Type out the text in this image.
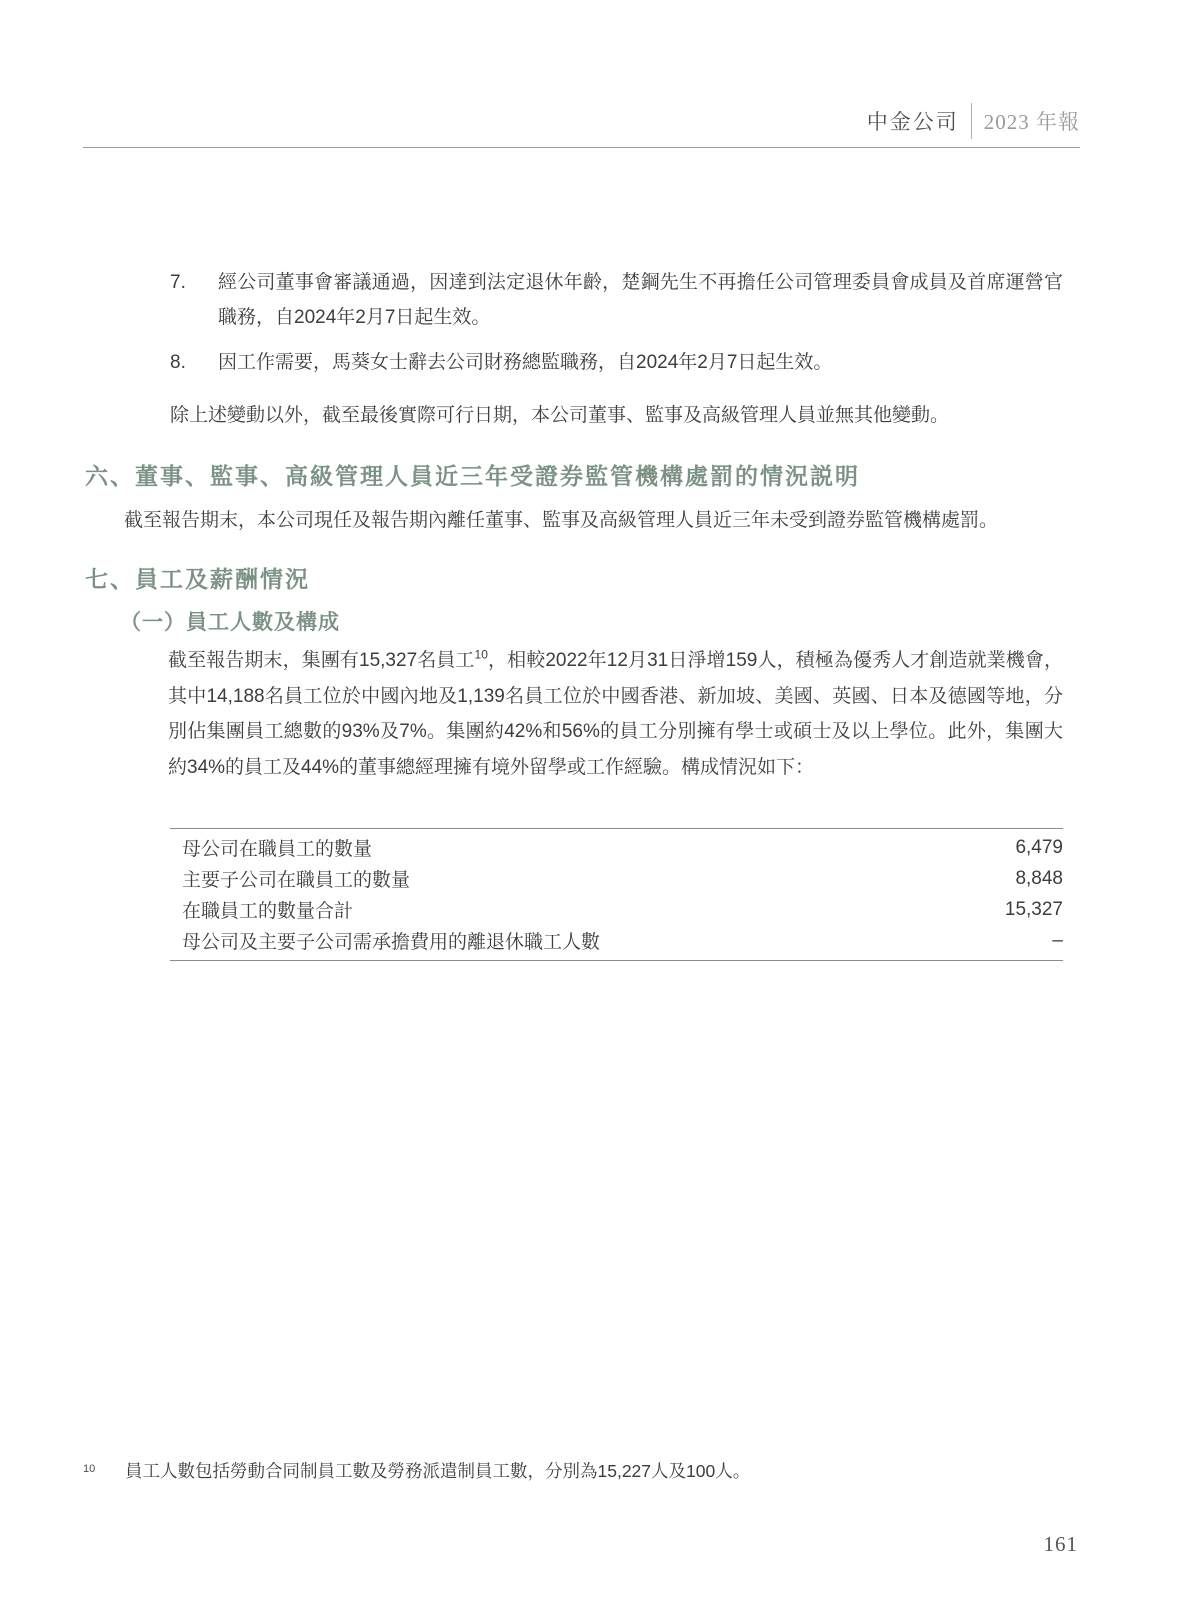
中金公司 2023 年報
7.	經公司董事會審議通過，因達到法定退休年齡，楚鋼先生不再擔任公司管理委員會成員及首席運營官職務，自2024年2月7日起生效。
8.	因工作需要，馬葵女士辭去公司財務總監職務，自2024年2月7日起生效。
除上述變動以外，截至最後實際可行日期，本公司董事、監事及高級管理人員並無其他變動。
六、董事、監事、高級管理人員近三年受證券監管機構處罰的情況説明
截至報告期末，本公司現任及報告期內離任董事、監事及高級管理人員近三年未受到證券監管機構處罰。
七、員工及薪酬情況
（一）員工人數及構成
截至報告期末，集團有15,327名員工$^{10}$，相較2022年12月31日淨增159人，積極為優秀人才創造就業機會，其中14,188名員工位於中國內地及1,139名員工位於中國香港、新加坡、美國、英國、日本及德國等地，分別佔集團員工總數的93%及7%。集團約42%和56%的員工分別擁有學士或碩士及以上學位。此外，集團大約34%的員工及44%的董事總經理擁有境外留學或工作經驗。構成情況如下：
母公司在職員工的數量	6,479
主要子公司在職員工的數量	8,848
在職員工的數量合計	15,327
母公司及主要子公司需承擔費用的離退休職工人數	–
10 員工人數包括勞動合同制員工數及勞務派遣制員工數，分別為15,227人及100人。
161
